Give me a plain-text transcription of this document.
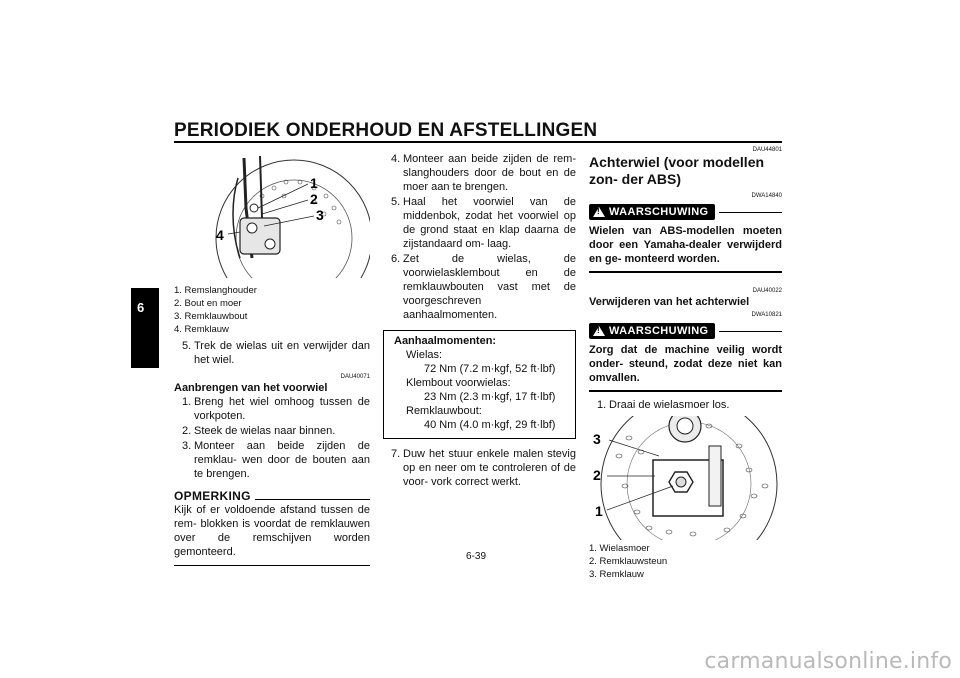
PERIODIEK ONDERHOUD EN AFSTELLINGEN
6
1
2
3
4
1. Remslanghouder
2. Bout en moer
3. Remklauwbout
4. Remklauw
5. Trek de wielas uit en verwijder dan het wiel.
DAU40071
Aanbrengen van het voorwiel
1. Breng het wiel omhoog tussen de vorkpoten.
2. Steek de wielas naar binnen.
3. Monteer aan beide zijden de remklau- wen door de bouten aan te brengen.
OPMERKING
Kijk of er voldoende afstand tussen de rem- blokken is voordat de remklauwen over de remschijven worden gemonteerd.
4. Monteer aan beide zijden de rem- slanghouders door de bout en de moer aan te brengen.
5. Haal het voorwiel van de middenbok, zodat het voorwiel op de grond staat en klap daarna de zijstandaard om- laag.
6. Zet de wielas, de voorwielasklembout en de remklauwbouten vast met de voorgeschreven aanhaalmomenten.
Aanhaalmomenten:
Wielas:
72 Nm (7.2 m·kgf, 52 ft·lbf)
Klembout voorwielas:
23 Nm (2.3 m·kgf, 17 ft·lbf)
Remklauwbout:
40 Nm (4.0 m·kgf, 29 ft·lbf)
7. Duw het stuur enkele malen stevig op en neer om te controleren of de voor- vork correct werkt.
DAU44801
Achterwiel (voor modellen zon- der ABS)
DWA14840
!
WAARSCHUWING
Wielen van ABS-modellen moeten door een Yamaha-dealer verwijderd en ge- monteerd worden.
DAU40022
Verwijderen van het achterwiel
DWA10821
!
WAARSCHUWING
Zorg dat de machine veilig wordt onder- steund, zodat deze niet kan omvallen.
1. Draai de wielasmoer los.
3
2
1
1. Wielasmoer
2. Remklauwsteun
3. Remklauw
6-39
carmanualsonline.info
